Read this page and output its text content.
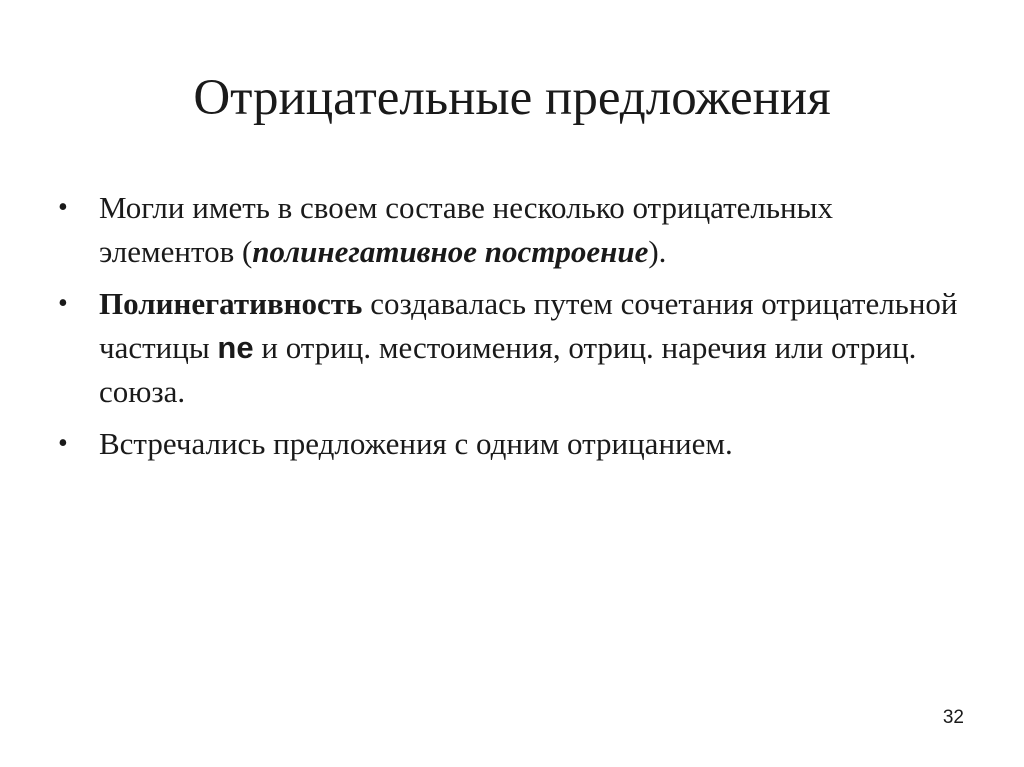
Отрицательные предложения
• Могли иметь в своем составе несколько отрицательных элементов (полинегативное построение).
• Полинегативность создавалась путем сочетания отрицательной частицы ne и отриц. местоимения, отриц. наречия или отриц. союза.
• Встречались предложения с одним отрицанием.
32
